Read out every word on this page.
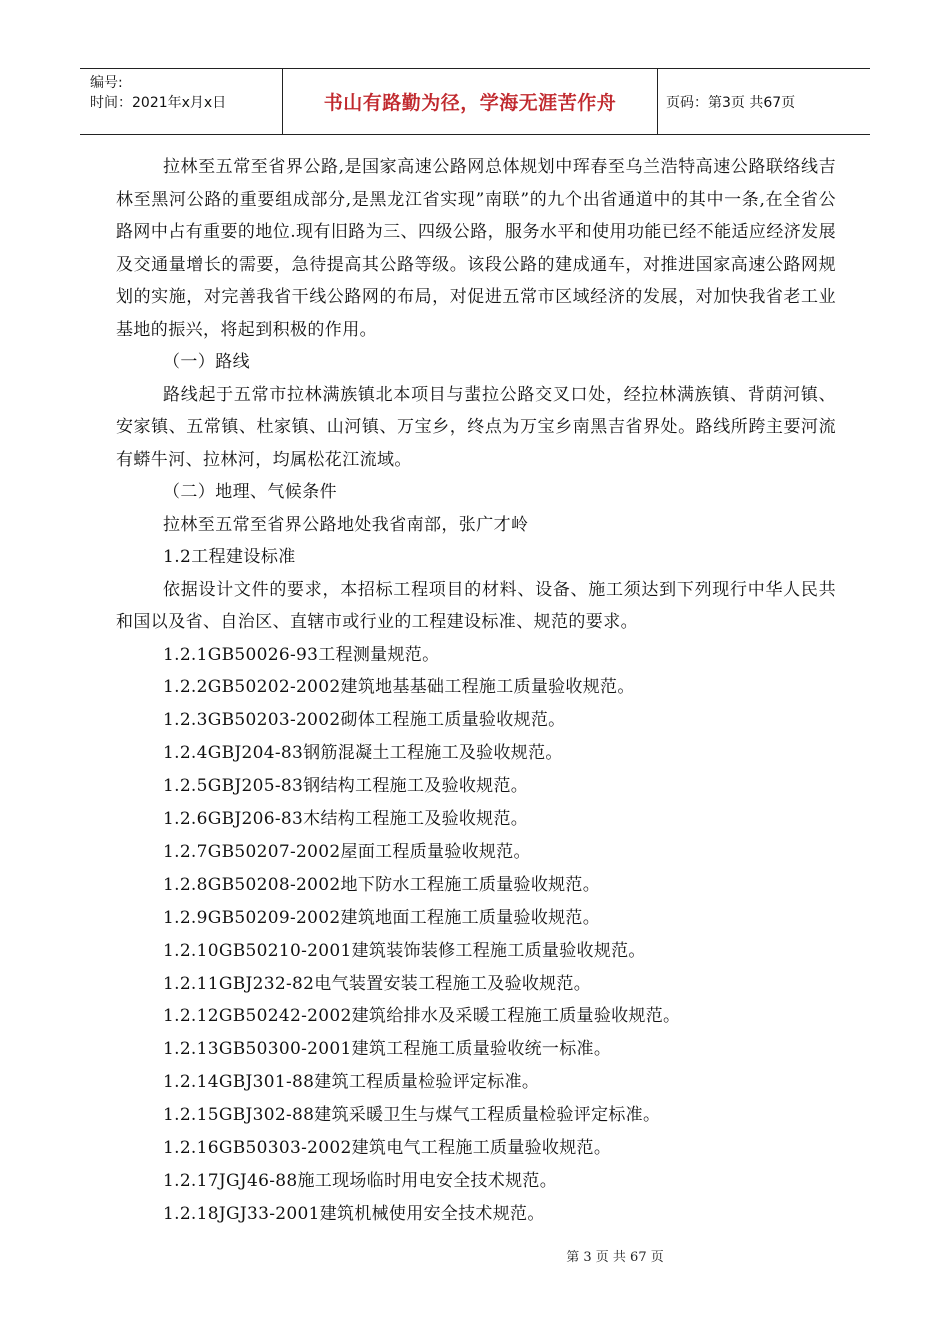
编号:
时间：2021年x月x日	书山有路勤为径，学海无涯苦作舟	页码：第3页 共67页

拉林至五常至省界公路,是国家高速公路网总体规划中珲春至乌兰浩特高速公路联络线吉林至黑河公路的重要组成部分,是黑龙江省实现”南联”的九个出省通道中的其中一条,在全省公路网中占有重要的地位.现有旧路为三、四级公路，服务水平和使用功能已经不能适应经济发展及交通量增长的需要，急待提高其公路等级。该段公路的建成通车，对推进国家高速公路网规划的实施，对完善我省干线公路网的布局，对促进五常市区域经济的发展，对加快我省老工业基地的振兴，将起到积极的作用。

（一）路线

路线起于五常市拉林满族镇北本项目与蜚拉公路交叉口处，经拉林满族镇、背荫河镇、安家镇、五常镇、杜家镇、山河镇、万宝乡，终点为万宝乡南黑吉省界处。路线所跨主要河流有蟒牛河、拉林河，均属松花江流域。

（二）地理、气候条件

拉林至五常至省界公路地处我省南部，张广才岭

1.2工程建设标准

依据设计文件的要求，本招标工程项目的材料、设备、施工须达到下列现行中华人民共和国以及省、自治区、直辖市或行业的工程建设标准、规范的要求。

1.2.1GB50026-93工程测量规范。

1.2.2GB50202-2002建筑地基基础工程施工质量验收规范。

1.2.3GB50203-2002砌体工程施工质量验收规范。

1.2.4GBJ204-83钢筋混凝土工程施工及验收规范。

1.2.5GBJ205-83钢结构工程施工及验收规范。

1.2.6GBJ206-83木结构工程施工及验收规范。

1.2.7GB50207-2002屋面工程质量验收规范。

1.2.8GB50208-2002地下防水工程施工质量验收规范。

1.2.9GB50209-2002建筑地面工程施工质量验收规范。

1.2.10GB50210-2001建筑装饰装修工程施工质量验收规范。

1.2.11GBJ232-82电气装置安装工程施工及验收规范。

1.2.12GB50242-2002建筑给排水及采暖工程施工质量验收规范。

1.2.13GB50300-2001建筑工程施工质量验收统一标准。

1.2.14GBJ301-88建筑工程质量检验评定标准。

1.2.15GBJ302-88建筑采暖卫生与煤气工程质量检验评定标准。

1.2.16GB50303-2002建筑电气工程施工质量验收规范。

1.2.17JGJ46-88施工现场临时用电安全技术规范。

1.2.18JGJ33-2001建筑机械使用安全技术规范。

第 3 页 共 67 页
